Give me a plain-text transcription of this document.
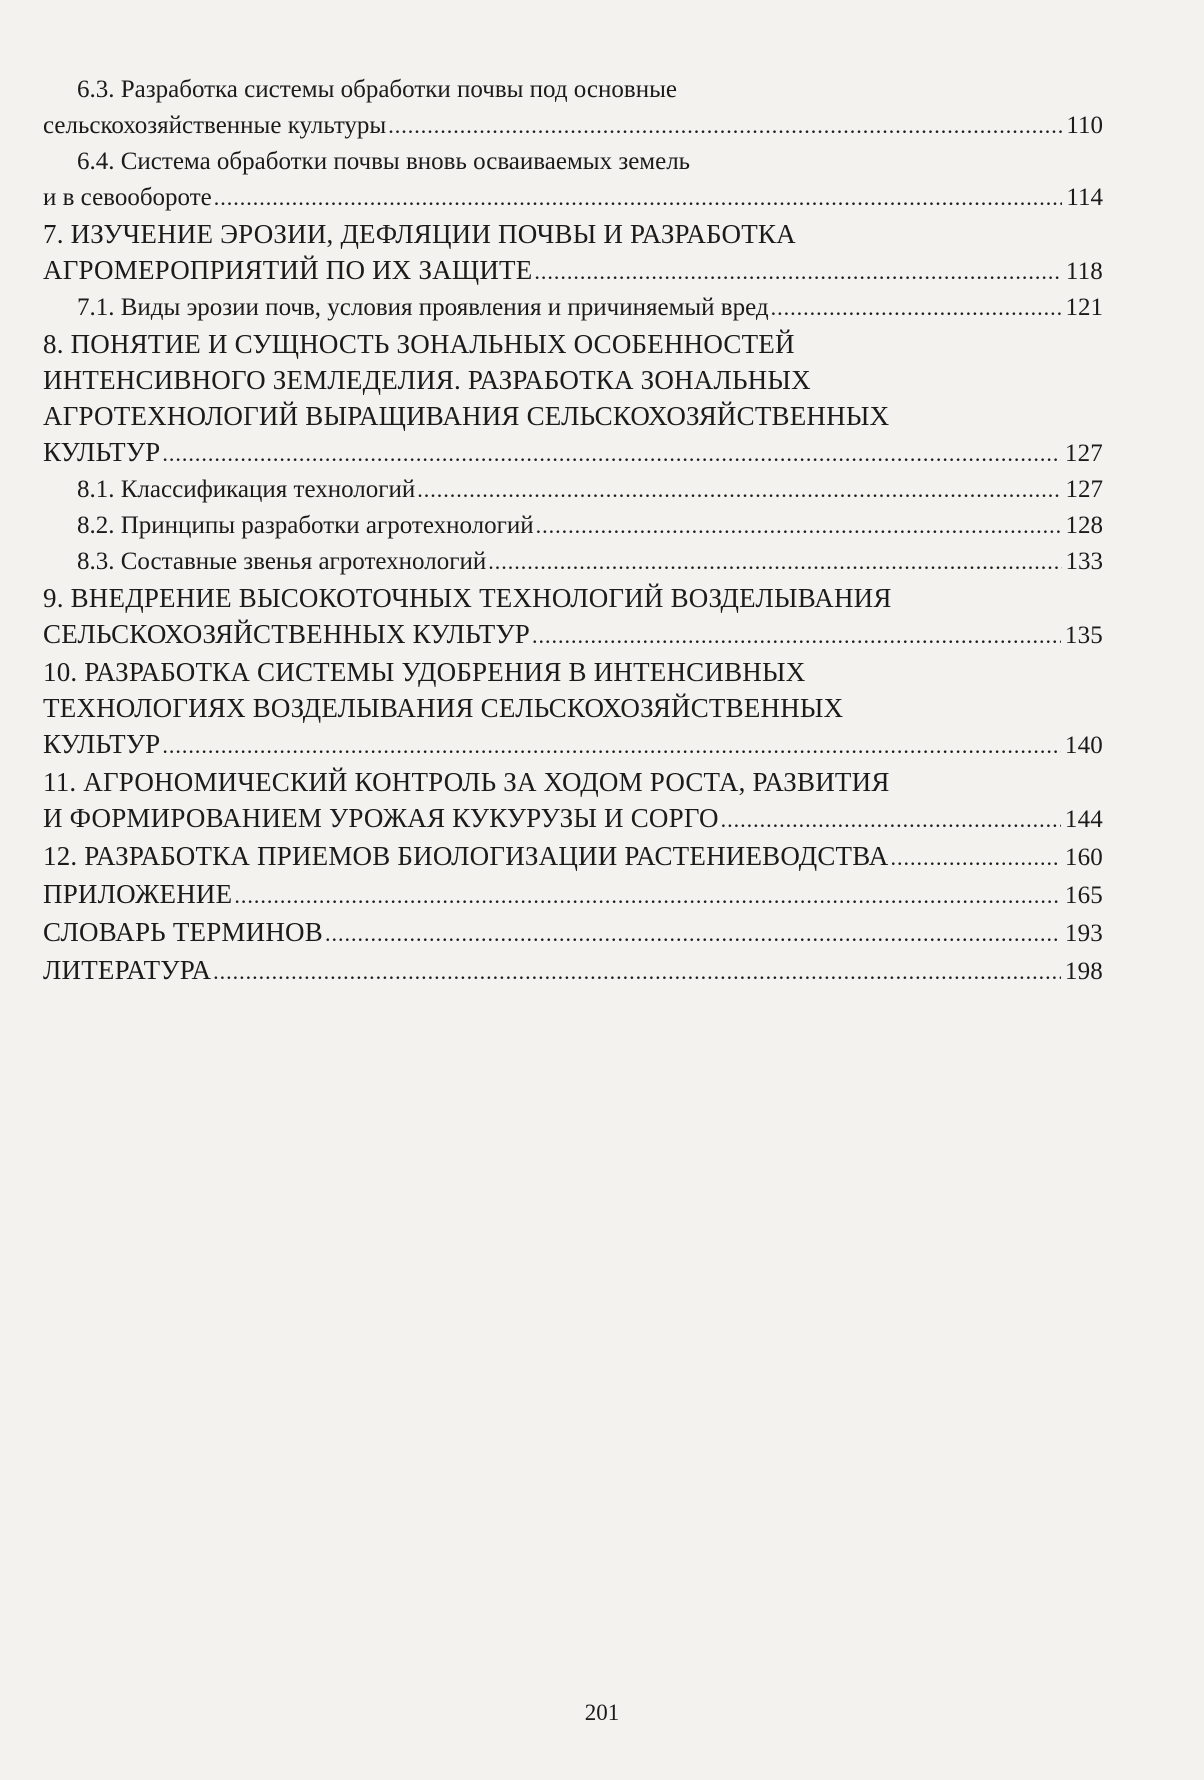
6.3. Разработка системы обработки почвы под основные
сельскохозяйственные культуры .....	110
6.4. Система обработки почвы вновь осваиваемых земель
и в севообороте .....	114
7. ИЗУЧЕНИЕ ЭРОЗИИ, ДЕФЛЯЦИИ ПОЧВЫ И РАЗРАБОТКА
АГРОМЕРОПРИЯТИЙ ПО ИХ ЗАЩИТЕ .....	118
7.1. Виды эрозии почв, условия проявления и причиняемый вред .....	121
8. ПОНЯТИЕ И СУЩНОСТЬ ЗОНАЛЬНЫХ ОСОБЕННОСТЕЙ
ИНТЕНСИВНОГО ЗЕМЛЕДЕЛИЯ. РАЗРАБОТКА ЗОНАЛЬНЫХ
АГРОТЕХНОЛОГИЙ ВЫРАЩИВАНИЯ СЕЛЬСКОХОЗЯЙСТВЕННЫХ
КУЛЬТУР .....	127
8.1. Классификация технологий .....	127
8.2. Принципы разработки агротехнологий .....	128
8.3. Составные звенья агротехнологий .....	133
9. ВНЕДРЕНИЕ ВЫСОКОТОЧНЫХ ТЕХНОЛОГИЙ ВОЗДЕЛЫВАНИЯ
СЕЛЬСКОХОЗЯЙСТВЕННЫХ КУЛЬТУР .....	135
10. РАЗРАБОТКА СИСТЕМЫ УДОБРЕНИЯ В ИНТЕНСИВНЫХ
ТЕХНОЛОГИЯХ ВОЗДЕЛЫВАНИЯ СЕЛЬСКОХОЗЯЙСТВЕННЫХ
КУЛЬТУР .....	140
11. АГРОНОМИЧЕСКИЙ КОНТРОЛЬ ЗА ХОДОМ РОСТА, РАЗВИТИЯ
И ФОРМИРОВАНИЕМ УРОЖАЯ КУКУРУЗЫ И СОРГО .....	144
12. РАЗРАБОТКА ПРИЕМОВ БИОЛОГИЗАЦИИ РАСТЕНИЕВОДСТВА .....	160
ПРИЛОЖЕНИЕ .....	165
СЛОВАРЬ ТЕРМИНОВ .....	193
ЛИТЕРАТУРА .....	198
201
